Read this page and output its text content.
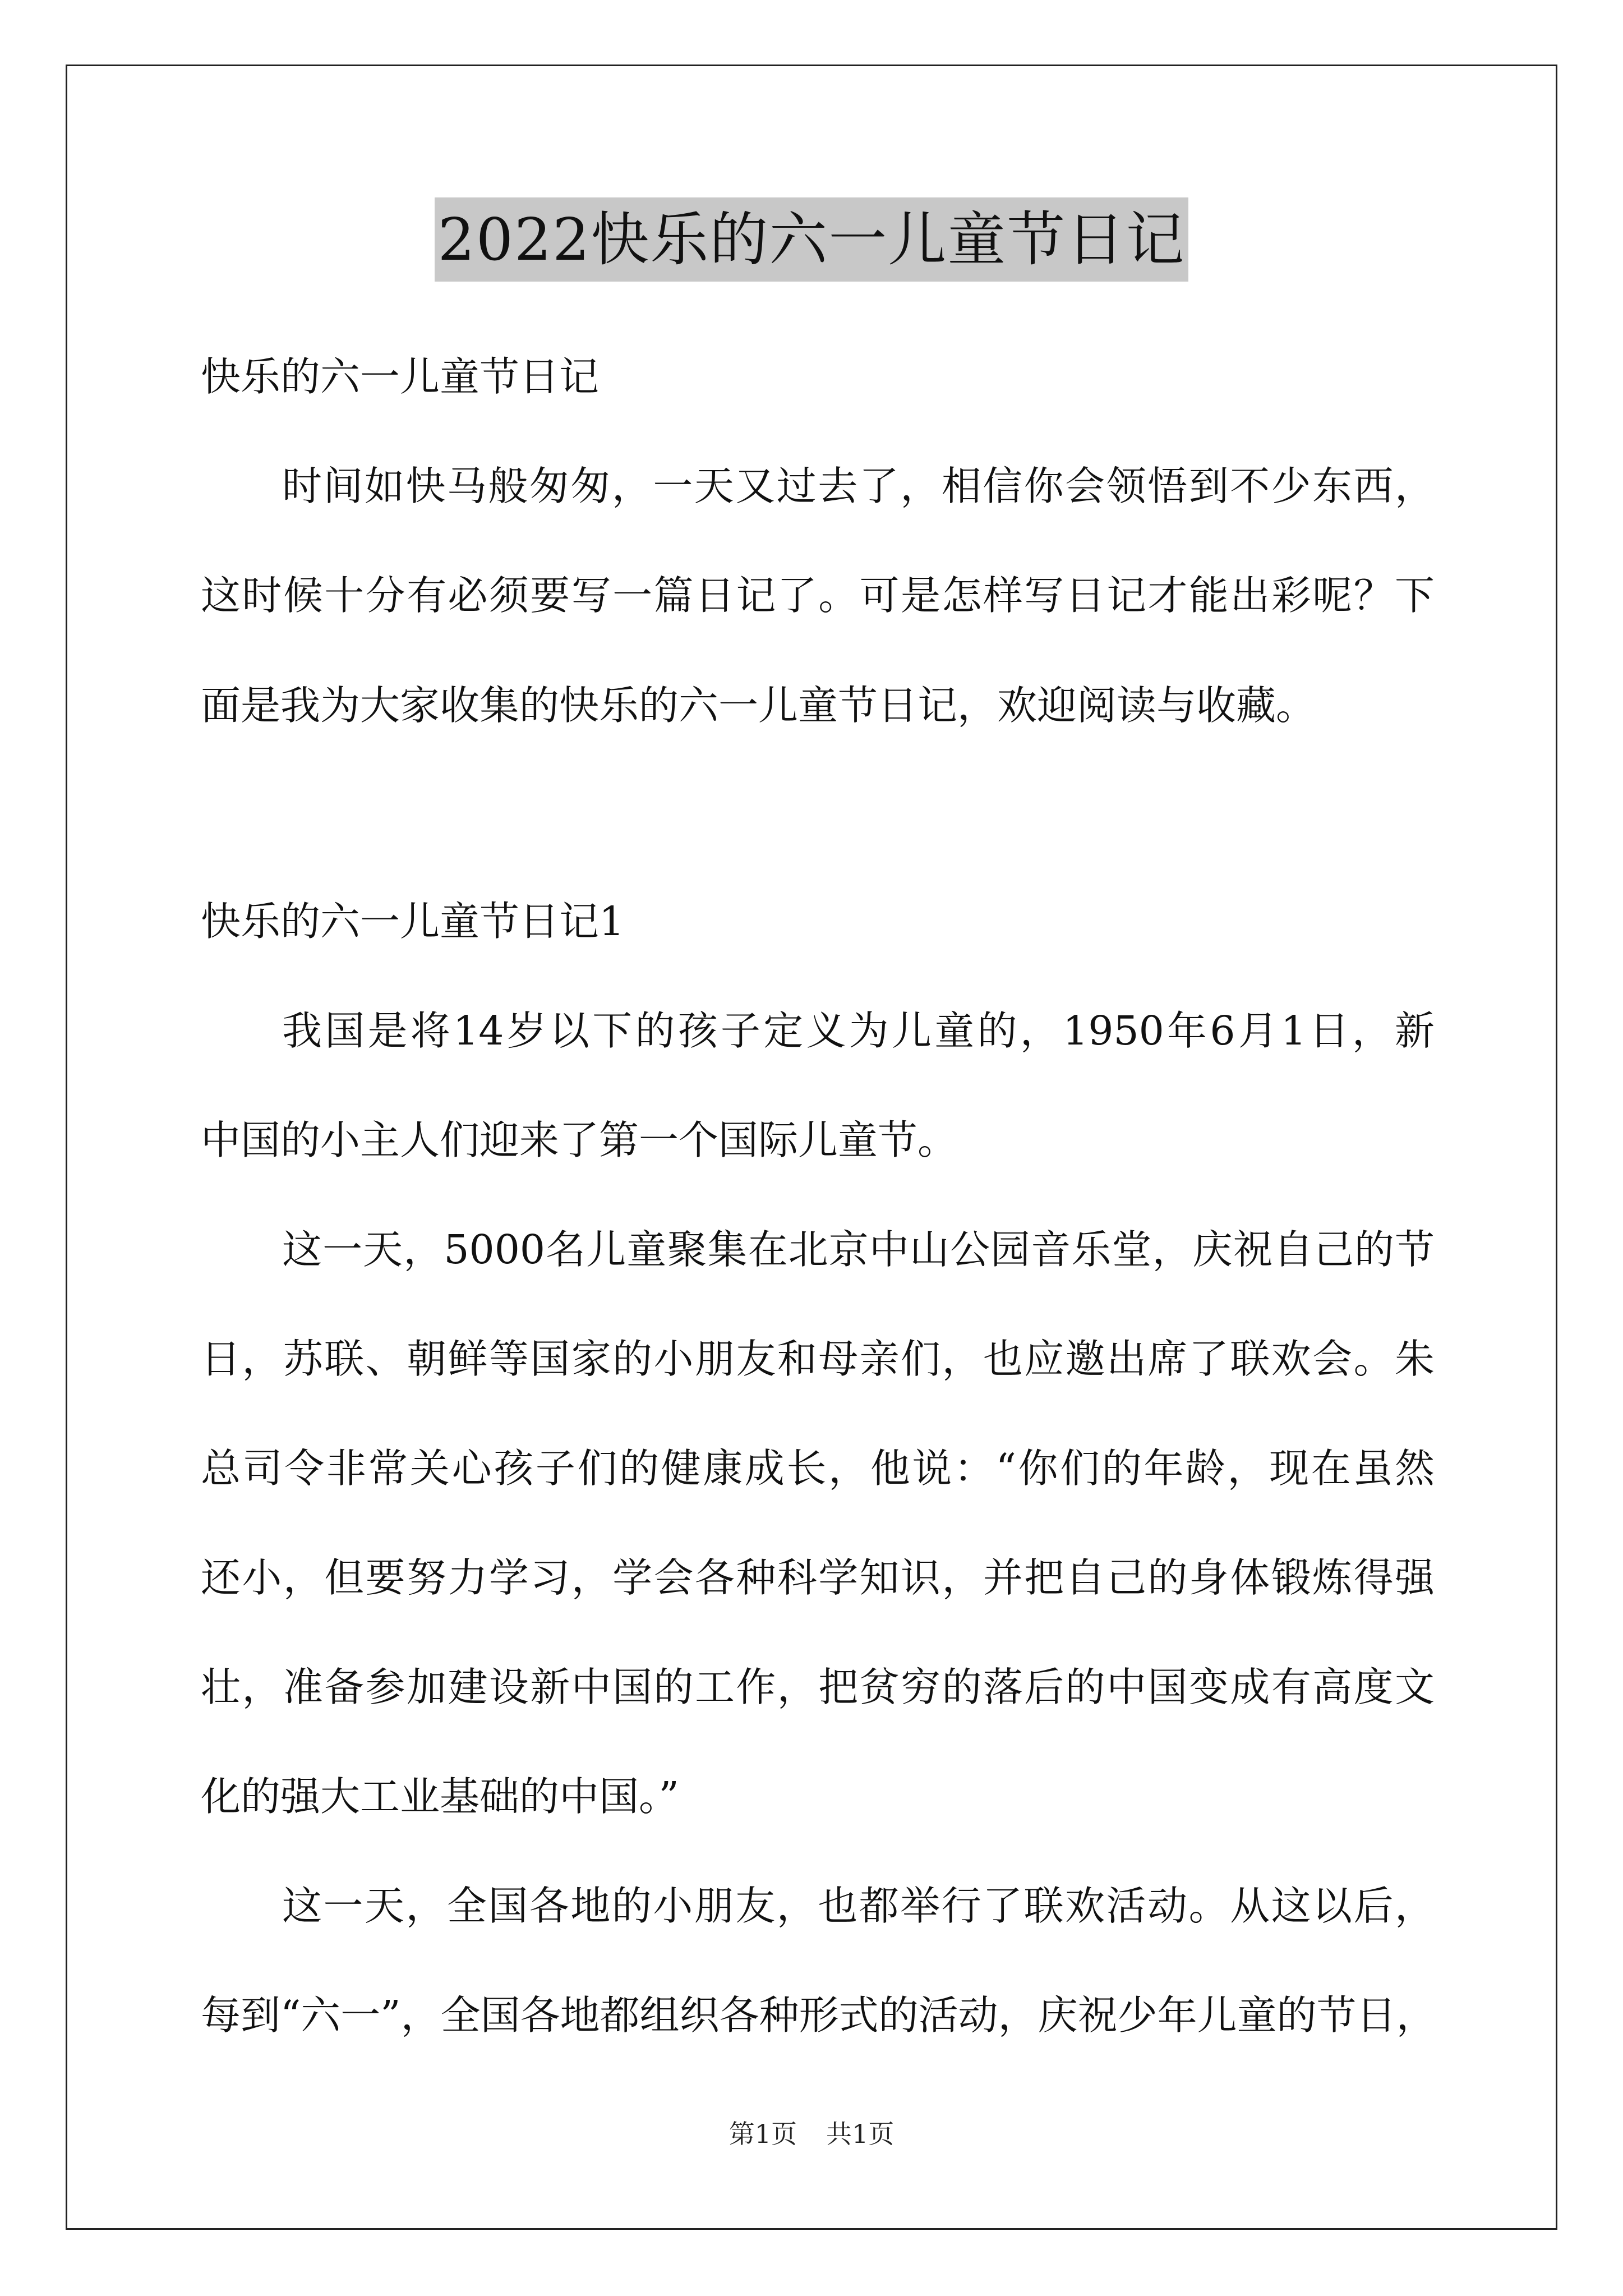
2022快乐的六一儿童节日记
快乐的六一儿童节日记
时间如快马般匆匆，一天又过去了，相信你会领悟到不少东西，
这时候十分有必须要写一篇日记了。可是怎样写日记才能出彩呢？下
面是我为大家收集的快乐的六一儿童节日记，欢迎阅读与收藏。
快乐的六一儿童节日记1
我国是将14岁以下的孩子定义为儿童的，1950年6月1日，新
中国的小主人们迎来了第一个国际儿童节。
这一天，5000名儿童聚集在北京中山公园音乐堂，庆祝自己的节
日，苏联、朝鲜等国家的小朋友和母亲们，也应邀出席了联欢会。朱
总司令非常关心孩子们的健康成长，他说：“你们的年龄，现在虽然
还小，但要努力学习，学会各种科学知识，并把自己的身体锻炼得强
壮，准备参加建设新中国的工作，把贫穷的落后的中国变成有高度文
化的强大工业基础的中国。”
这一天，全国各地的小朋友，也都举行了联欢活动。从这以后，
每到“六一”，全国各地都组织各种形式的活动，庆祝少年儿童的节日，
第1页 共1页
